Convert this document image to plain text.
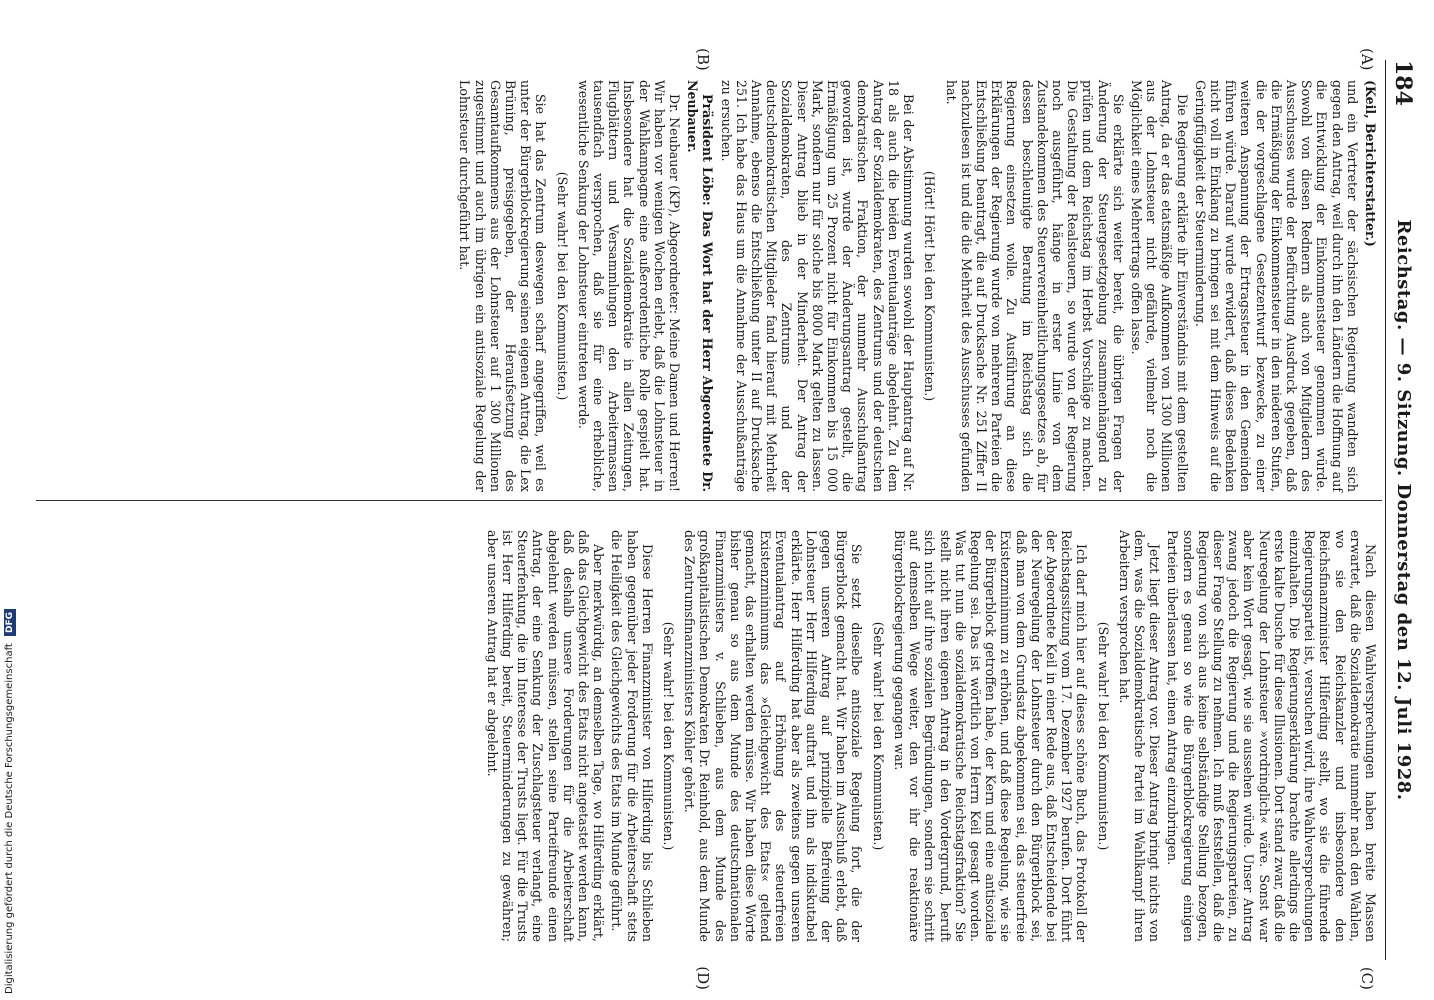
184
Reichstag. — 9. Sitzung. Donnerstag den 12. Juli 1928.
(A)
(B)
(C)
(D)

(Keil, Berichterstatter.)

und ein Vertreter der sächsischen Regierung wandten sich gegen den Antrag, weil durch ihn den Ländern die Hoffnung auf die Entwicklung der Einkommensteuer genommen würde. Sowohl von diesen Rednern als auch von Mitgliedern des Ausschusses wurde der Befürchtung Ausdruck gegeben, daß die Ermäßigung der Einkommensteuer in den niederen Stufen, die der vorgeschlagene Gesetzentwurf bezwecke, zu einer weiteren Anspannung der Ertragssteuer in den Gemeinden führen würde. Darauf wurde erwidert, daß dieses Bedenken nicht voll in Einklang zu bringen sei mit dem Hinweis auf die Geringfügigkeit der Steuerminderung.

Die Regierung erklärte ihr Einverständnis mit dem gestellten Antrag, da er das etatsmäßige Aufkommen von 1300 Millionen aus der Lohnsteuer nicht gefährde, vielmehr noch die Möglichkeit eines Mehrertrags offen lasse.

Sie erklärte sich weiter bereit, die übrigen Fragen der Änderung der Steuergesetzgebung zusammenhängend zu prüfen und dem Reichstag im Herbst Vorschläge zu machen. Die Gestaltung der Realsteuern, so wurde von der Regierung noch ausgeführt, hänge in erster Linie von dem Zustandekommen des Steuervereinheitlichungsgesetzes ab, für dessen beschleunigte Beratung im Reichstag sich die Regierung einsetzen wolle. Zu Ausführung an diese Erklärungen der Regierung wurde von mehreren Parteien die Entschließung beantragt, die auf Drucksache Nr. 251 Ziffer II nachzulesen ist und die die Mehrheit des Ausschusses gefunden hat.

(Hört! Hört! bei den Kommunisten.)

Bei der Abstimmung wurden sowohl der Hauptantrag auf Nr. 18 als auch die beiden Eventualanträge abgelehnt. Zu dem Antrag der Sozialdemokraten, des Zentrums und der deutschen demokratischen Fraktion, der nunmehr Ausschußantrag geworden ist, wurde der Änderungsantrag gestellt, die Ermäßigung um 25 Prozent nicht für Einkommen bis 15 000 Mark, sondern nur für solche bis 8000 Mark gelten zu lassen. Dieser Antrag blieb in der Minderheit. Der Antrag der Sozialdemokraten, des Zentrums und der deutschdemokratischen Mitglieder fand hierauf mit Mehrheit Annahme, ebenso die Entschließung unter II auf Drucksache 251. Ich habe das Haus um die Annahme der Ausschußanträge zu ersuchen.

Präsident Löbe: Das Wort hat der Herr Abgeordnete Dr. Neubauer.

Dr. Neubauer (KP), Abgeordneter: Meine Damen und Herren! Wir haben vor wenigen Wochen erlebt, daß die Lohnsteuer in der Wahlkampagne eine außerordentliche Rolle gespielt hat. Insbesondere hat die Sozialdemokratie in allen Zeitungen, Flugblättern und Versammlungen den Arbeitermassen tausendfach versprochen, daß sie für eine erhebliche, wesentliche Senkung der Lohnsteuer eintreten werde.

(Sehr wahr! bei den Kommunisten.)

Sie hat das Zentrum deswegen scharf angegriffen, weil es unter der Bürgerblockregierung seinen eigenen Antrag, die Lex Brüning, preisgegeben, der Heraufsetzung des Gesamtaufkommens aus der Lohnsteuer auf 1 300 Millionen zugestimmt und auch im übrigen ein antisoziale Regelung der Lohnsteuer durchgeführt hat.

Nach diesen Wahlversprechungen haben breite Massen erwartet, daß die Sozialdemokratie nunmehr nach den Wahlen, wo sie den Reichskanzler und insbesondere den Reichsfinanzminister Hilferding stellt, wo sie die führende Regierungspartei ist, versuchen wird, ihre Wahlversprechungen einzuhalten. Die Regierungserklärung brachte allerdings die erste kalte Dusche für diese Illusionen. Dort stand zwar, daß die Neuregelung der Lohnsteuer »vordringlich« wäre. Sonst war aber kein Wort gesagt, wie sie aussehen würde. Unser Antrag zwang jedoch die Regierung und die Regierungsparteien, zu dieser Frage Stellung zu nehmen. Ich muß feststellen, daß die Regierung von sich aus keine selbständige Stellung bezogen, sondern es genau so wie die Bürgerblockregierung einigen Parteien überlassen hat, einen Antrag einzubringen.

Jetzt liegt dieser Antrag vor. Dieser Antrag bringt nichts von dem, was die Sozialdemokratische Partei im Wahlkampf ihren Arbeitern versprochen hat.

(Sehr wahr! bei den Kommunisten.)

Ich darf mich hier auf dieses schöne Buch, das Protokoll der Reichstagssitzung vom 17. Dezember 1927 berufen. Dort führt der Abgeordnete Keil in einer Rede aus, daß Entscheidende bei der Neuregelung der Lohnsteuer durch den Bürgerblock sei, daß man von dem Grundsatz abgekommen sei, das steuerfreie Existenzminimum zu erhöhen, und daß diese Regelung, wie sie der Bürgerblock getroffen habe, der Kern und eine antisoziale Regelung sei. Das ist wörtlich von Herrn Keil gesagt worden. Was tut nun die sozialdemokratische Reichstagsfraktion? Sie stellt nicht ihren eigenen Antrag in den Vordergrund, beruft sich nicht auf ihre sozialen Begründungen, sondern sie schritt auf demselben Wege weiter, den vor ihr die reaktionäre Bürgerblockregierung gegangen war.

(Sehr wahr! bei den Kommunisten.)

Sie setzt dieselbe antisoziale Regelung fort, die der Bürgerblock gemacht hat. Wir haben im Ausschuß erlebt, daß gegen unseren Antrag auf prinzipielle Befreiung der Lohnsteuer Herr Hilferding auftrat und ihn als indiskutabel erklärte. Herr Hilferding hat aber als zweitens gegen unseren Eventualantrag auf Erhöhung des steuerfreien Existenzminimums das »Gleichgewicht des Etats« geltend gemacht, das erhalten werden müsse. Wir haben diese Worte bisher genau so aus dem Munde des deutschnationalen Finanzministers v. Schlieben, aus dem Munde des großkapitalistischen Demokraten Dr. Reinhold, aus dem Munde des Zentrumsfinanzministers Köhler gehört.

(Sehr wahr! bei den Kommunisten.)

Diese Herren Finanzminister von Hilferding bis Schlieben haben gegenüber jeder Forderung für die Arbeiterschaft stets die Heiligkeit des Gleichgewichts des Etats im Munde geführt.

Aber merkwürdig, an demselben Tage, wo Hilferding erklärt, daß das Gleichgewicht des Etats nicht angetastet werden kann, daß deshalb unsere Forderungen für die Arbeiterschaft abgelehnt werden müssen, stellen seine Parteifreunde einen Antrag, der eine Senkung der Zuschlagsteuer verlangt, eine Steuerfenkung, die im Interesse der Trusts liegt. Für die Trusts ist Herr Hilferding bereit, Steuerminderungen zu gewähren; aber unseren Antrag hat er abgelehnt.

Digitalisierung gefördert durch die Deutsche Forschungsgemeinschaft DFG
